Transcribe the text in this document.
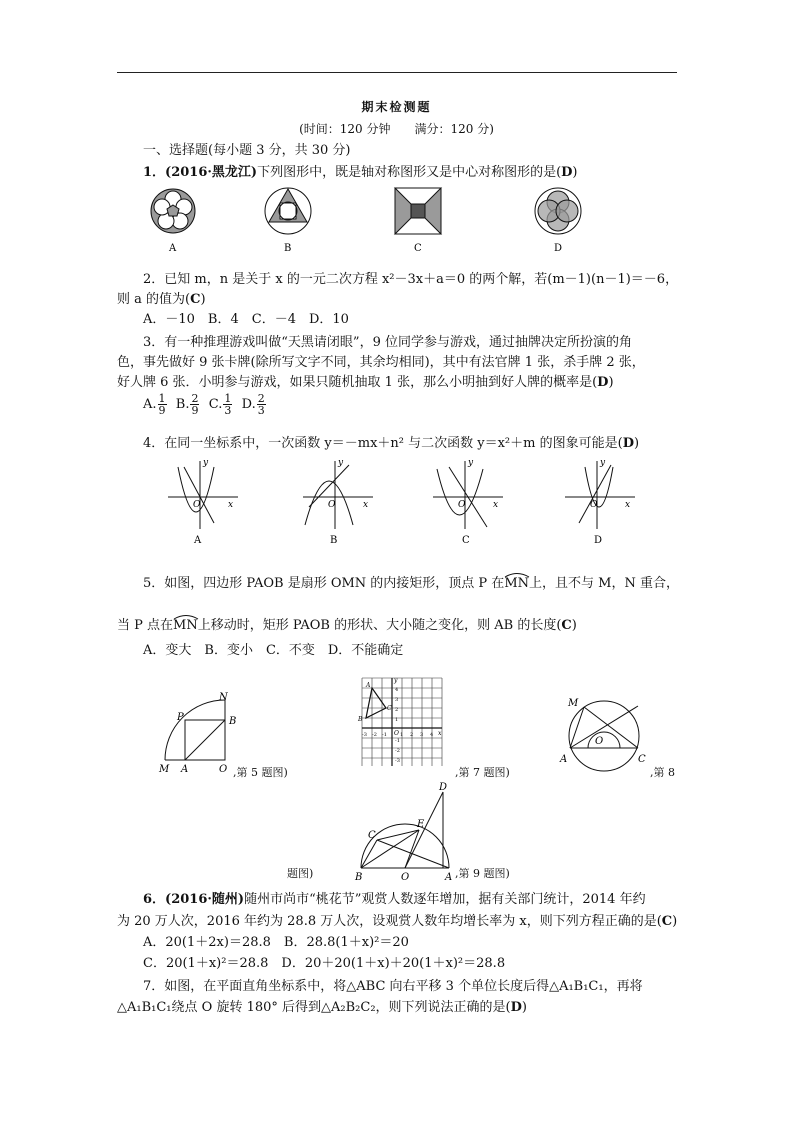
期末检测题
(时间：120 分钟　　满分：120 分)
一、选择题(每小题 3 分，共 30 分)
1．(2016·黑龙江)下列图形中，既是轴对称图形又是中心对称图形的是(D)
A	B	C	D
2．已知 m，n 是关于 x 的一元二次方程 x²－3x＋a＝0 的两个解，若(m－1)(n－1)＝－6，
则 a 的值为(C)
A．－10　B．4　C．－4　D．10
3．有一种推理游戏叫做“天黑请闭眼”，9 位同学参与游戏，通过抽牌决定所扮演的角
色，事先做好 9 张卡牌(除所写文字不同，其余均相同)，其中有法官牌 1 张，杀手牌 2 张，
好人牌 6 张．小明参与游戏，如果只随机抽取 1 张，那么小明抽到好人牌的概率是(D)
A. $\frac{1}{9} B$. $\frac{2}{9} C$. $\frac{1}{3} D$. $\frac{2}{3}$
4．在同一坐标系中，一次函数 y＝－mx＋n² 与二次函数 y＝x²＋m 的图象可能是(D)
y
x
O
y
x
O
y
x
O
y
x
O
A	B	C	D
5．如图，四边形 PAOB 是扇形 OMN 的内接矩形，顶点 P 在MN
上，且不与 M，N 重合，
当 P 点在MN
上移动时，矩形 PAOB 的形状、大小随之变化，则 AB 的长度(C)
A．变大　B．变小　C．不变　D．不能确定
N
P	B
M A	O ,第 5 题图)
A
B
C
O	x
y
-3 -2 -1	1 2 3 4
4
3
2
1
-1
-2
-3
,第 7 题图)
M
O
A	C
,第 8
题图)
D
E
C
B	O	A ,第 9 题图)
6．(2016·随州)随州市尚市“桃花节”观赏人数逐年增加，据有关部门统计，2014 年约
为 20 万人次，2016 年约为 28.8 万人次，设观赏人数年均增长率为 x，则下列方程正确的是(C)
A．20(1＋2x)＝28.8　B．28.8(1＋x)²＝20
C．20(1＋x)²＝28.8　D．20＋20(1＋x)＋20(1＋x)²＝28.8
7．如图，在平面直角坐标系中，将△ABC 向右平移 3 个单位长度后得△A₁B₁C₁，再将
△A₁B₁C₁绕点 O 旋转 180° 后得到△A₂B₂C₂，则下列说法正确的是(D)
